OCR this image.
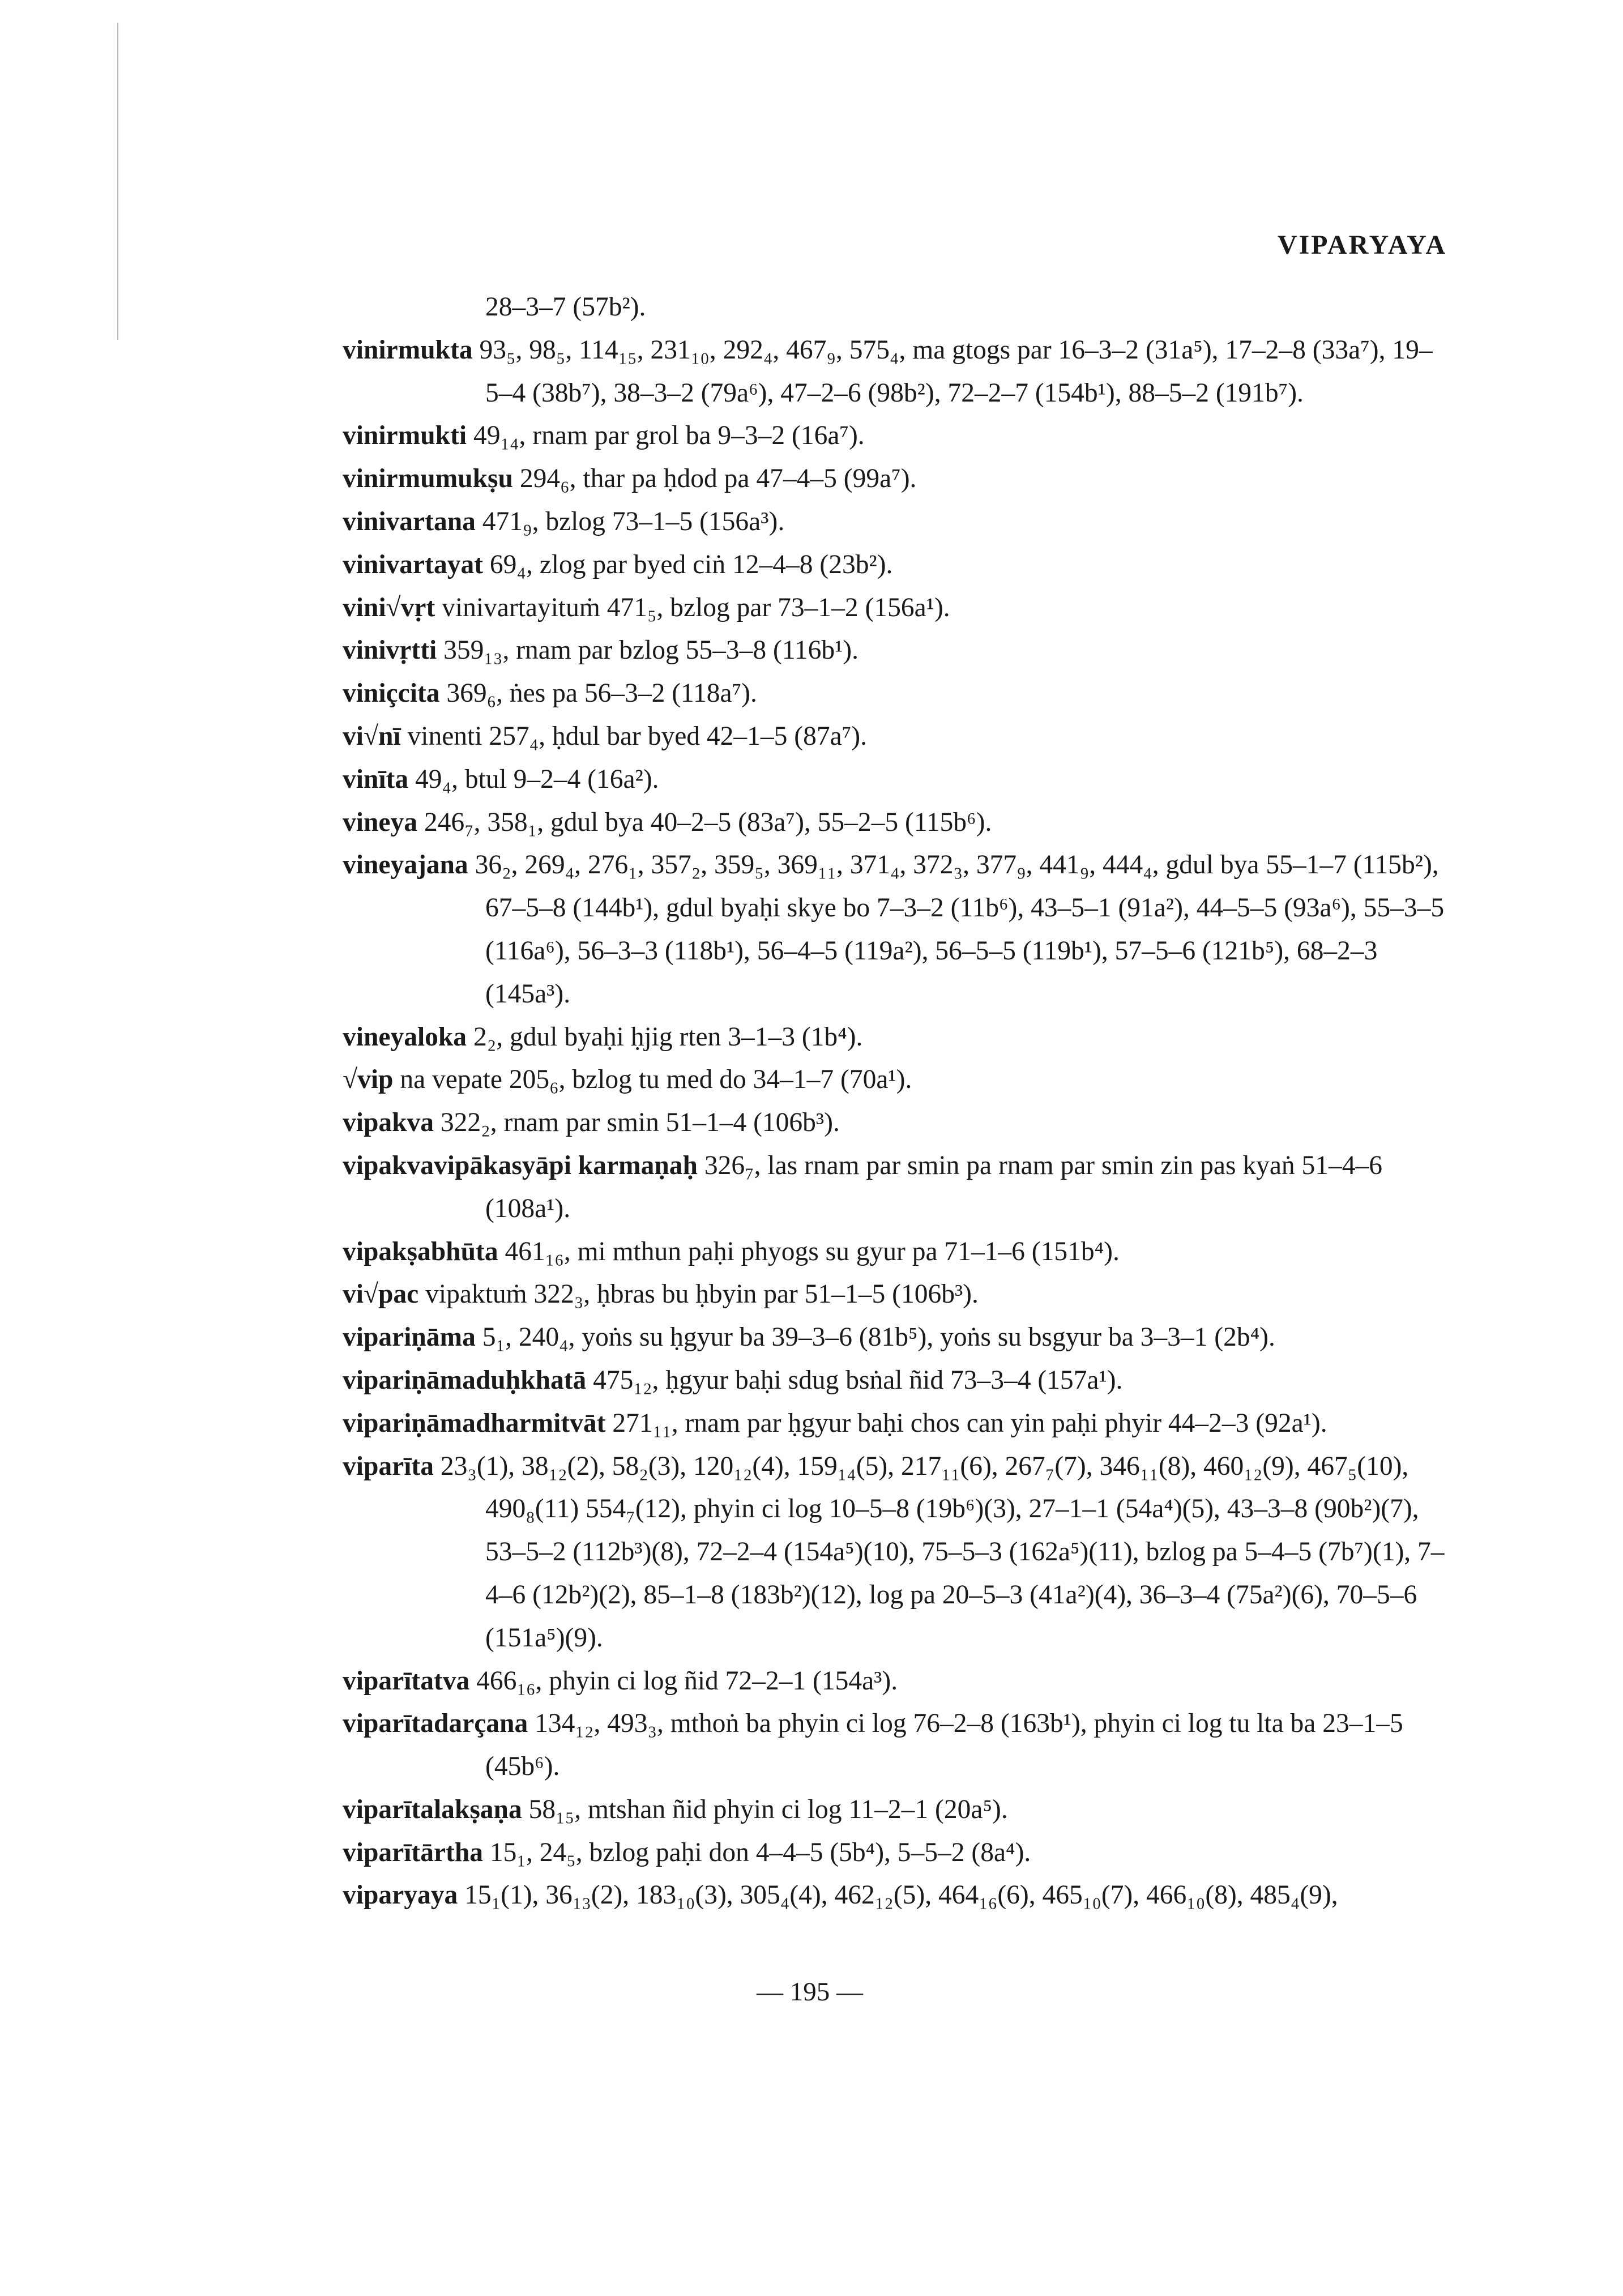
VIPARYAYA
28–3–7 (57b²).
vinirmukta 93₅, 98₅, 114₁₅, 231₁₀, 292₄, 467₉, 575₄, ma gtogs par 16–3–2 (31a⁵), 17–2–8 (33a⁷), 19–5–4 (38b⁷), 38–3–2 (79a⁶), 47–2–6 (98b²), 72–2–7 (154b¹), 88–5–2 (191b⁷).
vinirmukti 49₁₄, rnam par grol ba 9–3–2 (16a⁷).
vinirmumukṣu 294₆, thar pa ḥdod pa 47–4–5 (99a⁷).
vinivartana 471₉, bzlog 73–1–5 (156a³).
vinivartayat 69₄, zlog par byed ciṅ 12–4–8 (23b²).
vini√vṛt vinivartayituṁ 471₅, bzlog par 73–1–2 (156a¹).
vinivṛtti 359₁₃, rnam par bzlog 55–3–8 (116b¹).
viniçcita 369₆, ṅes pa 56–3–2 (118a⁷).
vi√nī vinenti 257₄, ḥdul bar byed 42–1–5 (87a⁷).
vinīta 49₄, btul 9–2–4 (16a²).
vineya 246₇, 358₁, gdul bya 40–2–5 (83a⁷), 55–2–5 (115b⁶).
vineyajana 36₂, 269₄, 276₁, 357₂, 359₅, 369₁₁, 371₄, 372₃, 377₉, 441₉, 444₄, gdul bya 55–1–7 (115b²), 67–5–8 (144b¹), gdul byaḥi skye bo 7–3–2 (11b⁶), 43–5–1 (91a²), 44–5–5 (93a⁶), 55–3–5 (116a⁶), 56–3–3 (118b¹), 56–4–5 (119a²), 56–5–5 (119b¹), 57–5–6 (121b⁵), 68–2–3 (145a³).
vineyaloka 2₂, gdul byaḥi ḥjig rten 3–1–3 (1b⁴).
√vip na vepate 205₆, bzlog tu med do 34–1–7 (70a¹).
vipakva 322₂, rnam par smin 51–1–4 (106b³).
vipakvavipākasyāpi karmaṇaḥ 326₇, las rnam par smin pa rnam par smin zin pas kyaṅ 51–4–6 (108a¹).
vipakṣabhūta 461₁₆, mi mthun paḥi phyogs su gyur pa 71–1–6 (151b⁴).
vi√pac vipaktuṁ 322₃, ḥbras bu ḥbyin par 51–1–5 (106b³).
vipariṇāma 5₁, 240₄, yoṅs su ḥgyur ba 39–3–6 (81b⁵), yoṅs su bsgyur ba 3–3–1 (2b⁴).
vipariṇāmaduḥkhatā 475₁₂, ḥgyur baḥi sdug bsṅal ñid 73–3–4 (157a¹).
vipariṇāmadharmitvāt 271₁₁, rnam par ḥgyur baḥi chos can yin paḥi phyir 44–2–3 (92a¹).
viparīta 23₃(1), 38₁₂(2), 58₂(3), 120₁₂(4), 159₁₄(5), 217₁₁(6), 267₇(7), 346₁₁(8), 460₁₂(9), 467₅(10), 490₈(11) 554₇(12), phyin ci log 10–5–8 (19b⁶)(3), 27–1–1 (54a⁴)(5), 43–3–8 (90b²)(7), 53–5–2 (112b³)(8), 72–2–4 (154a⁵)(10), 75–5–3 (162a⁵)(11), bzlog pa 5–4–5 (7b⁷)(1), 7–4–6 (12b²)(2), 85–1–8 (183b²)(12), log pa 20–5–3 (41a²)(4), 36–3–4 (75a²)(6), 70–5–6 (151a⁵)(9).
viparītatva 466₁₆, phyin ci log ñid 72–2–1 (154a³).
viparītadarçana 134₁₂, 493₃, mthoṅ ba phyin ci log 76–2–8 (163b¹), phyin ci log tu lta ba 23–1–5 (45b⁶).
viparītalakṣaṇa 58₁₅, mtshan ñid phyin ci log 11–2–1 (20a⁵).
viparītārtha 15₁, 24₅, bzlog paḥi don 4–4–5 (5b⁴), 5–5–2 (8a⁴).
viparyaya 15₁(1), 36₁₃(2), 183₁₀(3), 305₄(4), 462₁₂(5), 464₁₆(6), 465₁₀(7), 466₁₀(8), 485₄(9),
— 195 —
